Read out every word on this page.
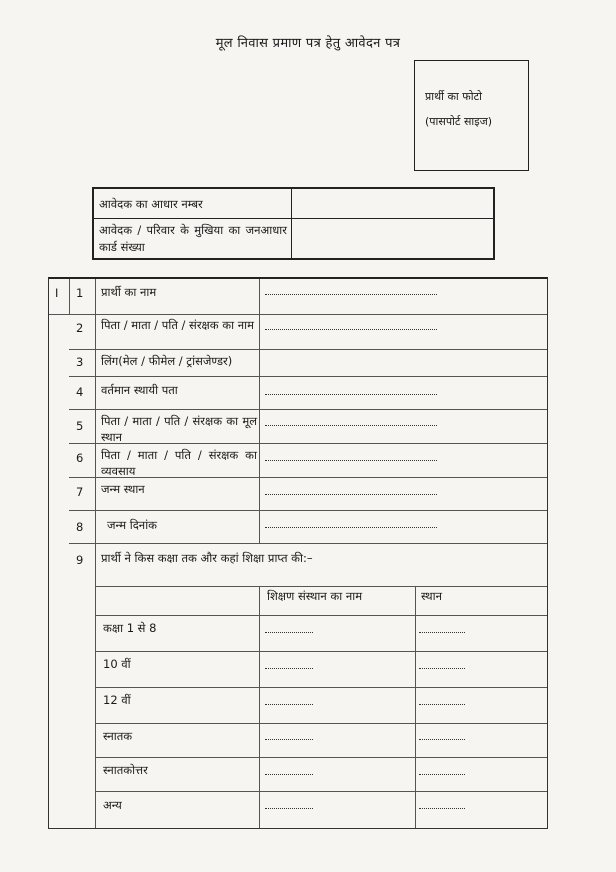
मूल निवास प्रमाण पत्र हेतु आवेदन पत्र
प्रार्थी का फोटो
(पासपोर्ट साइज)
आवेदक का आधार नम्बर
आवेदक / परिवार के मुखिया का जनआधार कार्ड संख्या
I 1 प्रार्थी का नाम
2 पिता / माता / पति / संरक्षक का नाम
3 लिंग(मेल / फीमेल / ट्रांसजेण्डर)
4 वर्तमान स्थायी पता
5 पिता / माता / पति / संरक्षक का मूल स्थान
6 पिता / माता / पति / संरक्षक का व्यवसाय
7 जन्म स्थान
8 जन्म दिनांक
9 प्रार्थी ने किस कक्षा तक और कहां शिक्षा प्राप्त की:–
शिक्षण संस्थान का नाम	स्थान
कक्षा 1 से 8
10 वीं
12 वीं
स्नातक
स्नातकोत्तर
अन्य
